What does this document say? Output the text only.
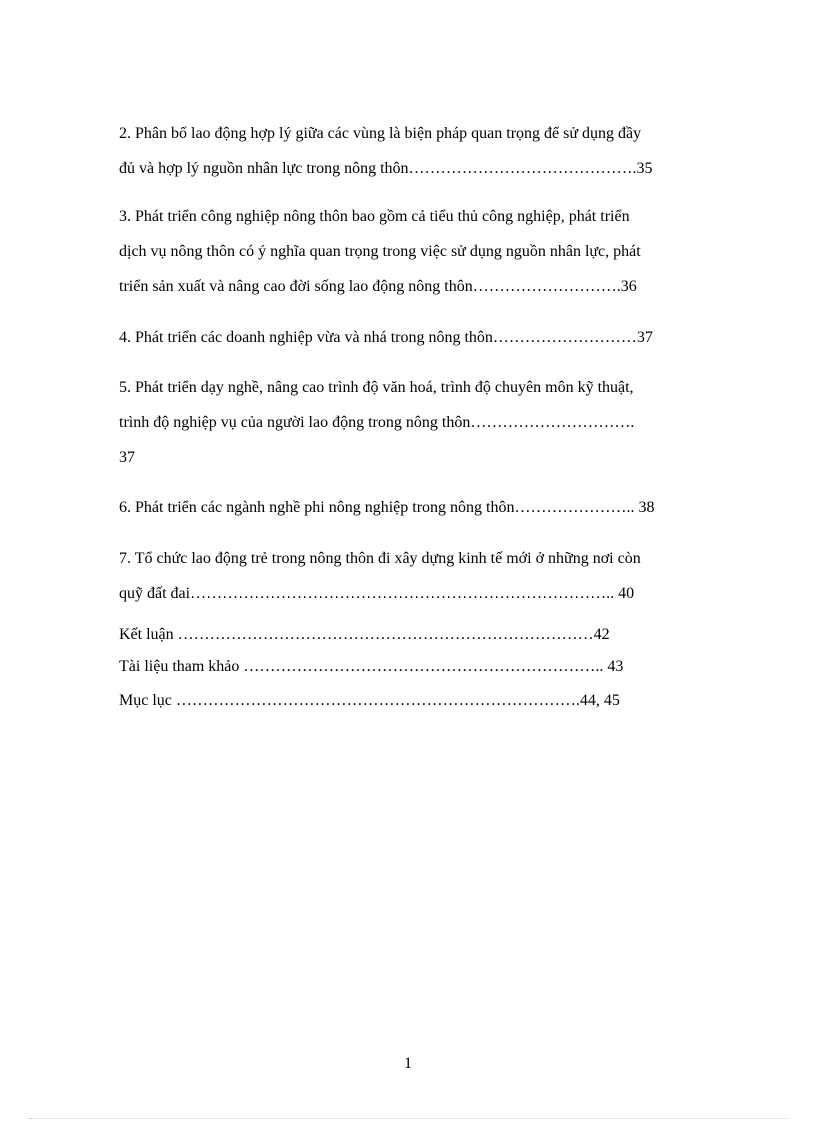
2. Phân bổ lao động hợp lý giữa các vùng là biện pháp quan trọng để sử dụng đầy
đủ và hợp lý nguồn nhân lực trong nông thôn…………………………………….35
3. Phát triển công nghiệp nông thôn bao gồm cả tiểu thủ công nghiệp, phát triển
dịch vụ nông thôn có ý nghĩa quan trọng trong việc sử dụng nguồn nhân lực, phát
triển sản xuất và nâng cao đời sống lao động nông thôn……………………….36
4. Phát triển các doanh nghiệp vừa và nhá trong nông thôn………………………37
5. Phát triển dạy nghề, nâng cao trình độ văn hoá, trình độ chuyên môn kỹ thuật,
trình độ nghiệp vụ của người lao động trong nông thôn………………………….
37
6. Phát triển các ngành nghề phi nông nghiệp trong nông thôn………………….. 38
7. Tổ chức lao động trẻ trong nông thôn đi xây dựng kinh tế mới ở những nơi còn
quỹ đất đai…………………………………………………………………….. 40
Kết luận ……………………………………………………………………42
Tài liệu tham khảo ………………………………………………………….. 43
Mục lục ………………………………………………………………….44, 45
1
